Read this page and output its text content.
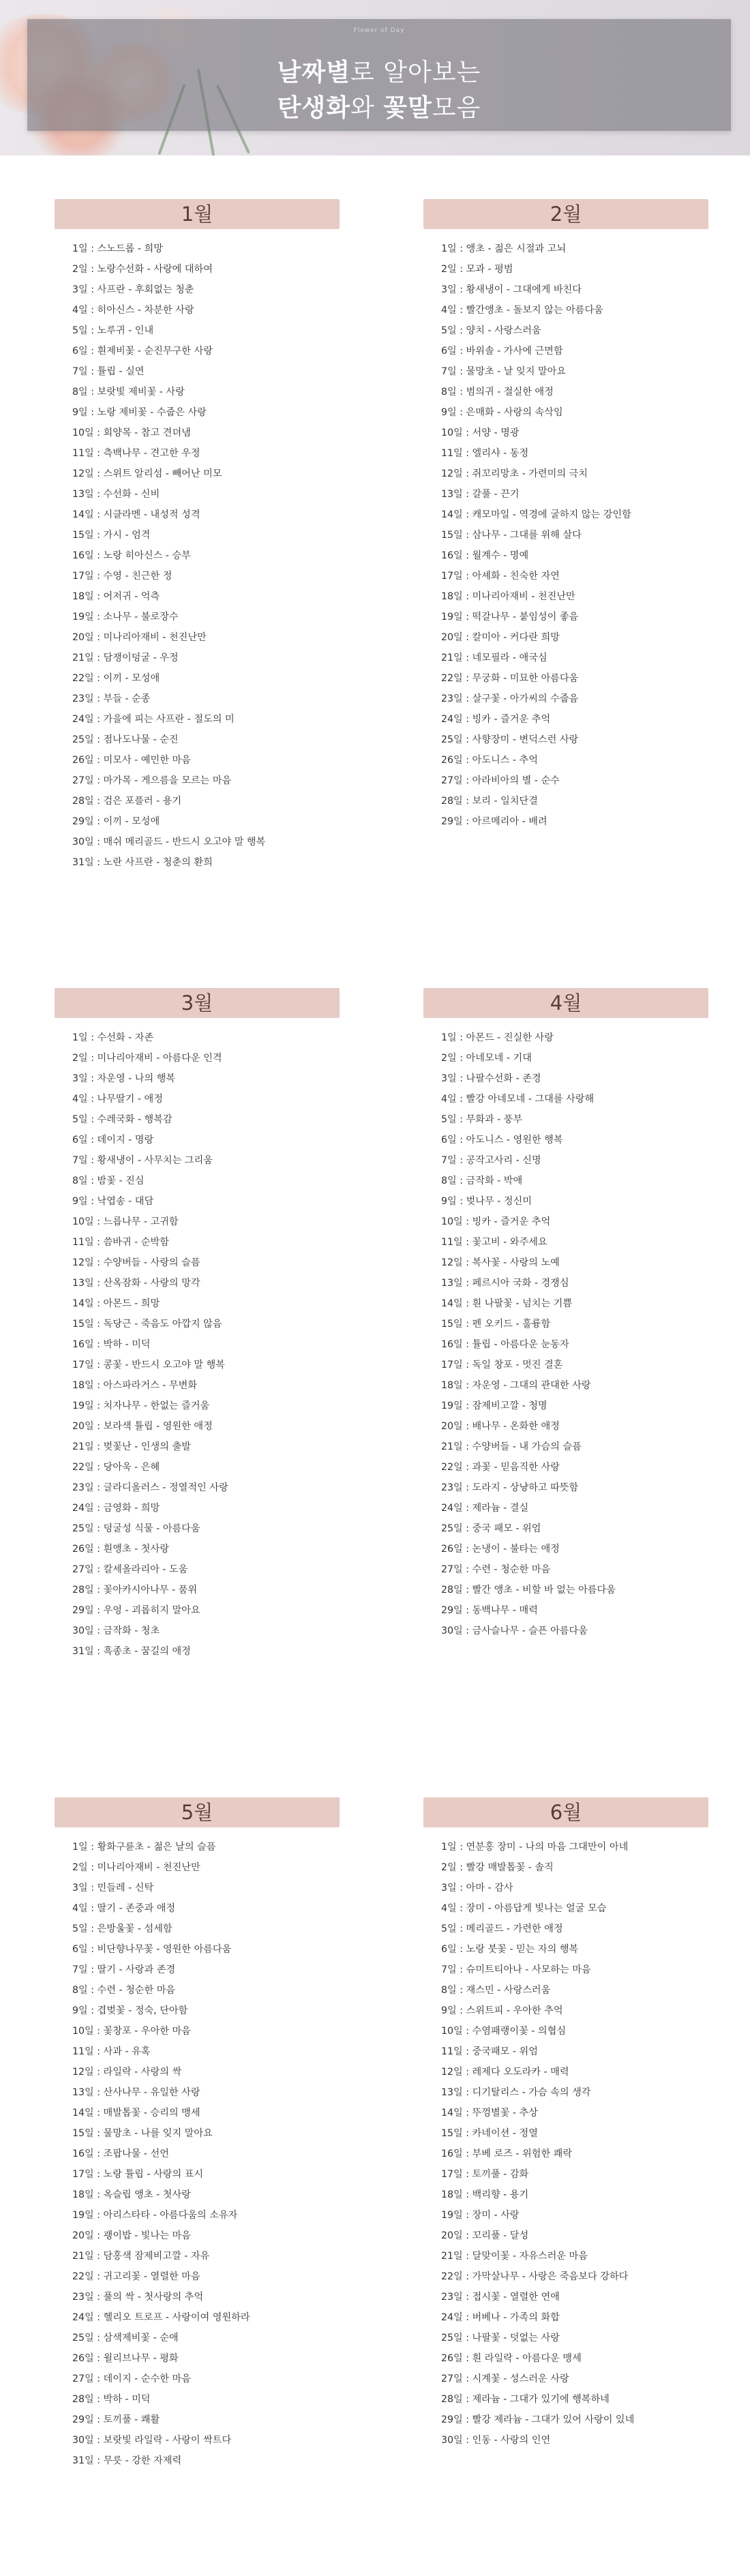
Flower of Day
날짜별로 알아보는
탄생화와 꽃말모음
1월
1일 : 스노드롭 - 희망
2일 : 노랑수선화 - 사랑에 대하여
3일 : 사프란 - 후회없는 청춘
4일 : 히아신스 - 차분한 사랑
5일 : 노루귀 - 인내
6일 : 흰제비꽃 - 순진무구한 사랑
7일 : 튤립 - 실연
8일 : 보랏빛 제비꽃 - 사랑
9일 : 노랑 제비꽃 - 수줍은 사랑
10일 : 회양목 - 참고 견뎌냄
11일 : 측백나무 - 견고한 우정
12일 : 스위트 알리섬 - 빼어난 미모
13일 : 수선화 - 신비
14일 : 시클라멘 - 내성적 성격
15일 : 가시 - 엄격
16일 : 노랑 히아신스 - 승부
17일 : 수영 - 친근한 정
18일 : 어저귀 - 억측
19일 : 소나무 - 불로장수
20일 : 미나리아재비 - 천진난만
21일 : 담쟁이덩굴 - 우정
22일 : 이끼 - 모성애
23일 : 부들 - 순종
24일 : 가을에 피는 사프란 - 절도의 미
25일 : 점나도나물 - 순진
26일 : 미모사 - 예민한 마음
27일 : 마가목 - 게으름을 모르는 마음
28일 : 검은 포플러 - 용기
29일 : 이끼 - 모성애
30일 : 매쉬 메리골드 - 반드시 오고야 말 행복
31일 : 노란 사프란 - 청춘의 환희
2월
1일 : 앵초 - 젊은 시절과 고뇌
2일 : 모과 - 평범
3일 : 황새냉이 - 그대에게 바친다
4일 : 빨간앵초 - 돌보지 않는 아름다움
5일 : 양치 - 사랑스러움
6일 : 바위솔 - 가사에 근면함
7일 : 물망초 - 날 잊지 말아요
8일 : 범의귀 - 절실한 애정
9일 : 은매화 - 사랑의 속삭임
10일 : 서양 - 명광
11일 : 엘리샤 - 동정
12일 : 쥐꼬리망초 - 가련미의 극치
13일 : 갈풀 - 끈기
14일 : 캐모마일 - 역경에 굴하지 않는 강인함
15일 : 삼나무 - 그대를 위해 살다
16일 : 월계수 - 명예
17일 : 아셰화 - 친숙한 자연
18일 : 미나리아재비 - 천진난만
19일 : 떡갈나무 - 붙임성이 좋음
20일 : 칼미아 - 커다란 희망
21일 : 네모필라 - 애국심
22일 : 무궁화 - 미묘한 아름다움
23일 : 살구꽃 - 아가씨의 수줍음
24일 : 빙카 - 즐거운 추억
25일 : 사향장미 - 변덕스런 사랑
26일 : 아도니스 - 추억
27일 : 아라비아의 별 - 순수
28일 : 보리 - 일치단결
29일 : 아르메리아 - 배려
3월
1일 : 수선화 - 자존
2일 : 미나리아재비 - 아름다운 인격
3일 : 자운영 - 나의 행복
4일 : 나무딸기 - 애정
5일 : 수레국화 - 행복감
6일 : 데이지 - 명랑
7일 : 황새냉이 - 사무치는 그리움
8일 : 밤꽃 - 진심
9일 : 낙엽송 - 대담
10일 : 느릅나무 - 고귀함
11일 : 씀바귀 - 순박함
12일 : 수양버들 - 사랑의 슬픔
13일 : 산옥잠화 - 사랑의 망각
14일 : 아몬드 - 희망
15일 : 독당근 - 죽음도 아깝지 않음
16일 : 박하 - 미덕
17일 : 콩꽃 - 반드시 오고야 말 행복
18일 : 아스파라거스 - 무변화
19일 : 치자나무 - 한없는 즐거움
20일 : 보라색 튤립 - 영원한 애정
21일 : 벚꽃난 - 인생의 출발
22일 : 당아욱 - 은혜
23일 : 글라디올러스 - 정열적인 사랑
24일 : 금영화 - 희망
25일 : 덩굴성 식물 - 아름다움
26일 : 흰앵초 - 첫사랑
27일 : 칼세올라리아 - 도움
28일 : 꽃아카시아나무 - 품위
29일 : 우엉 - 괴롭히지 말아요
30일 : 금작화 - 청초
31일 : 흑종초 - 꿈길의 애정
4월
1일 : 아몬드 - 진실한 사랑
2일 : 아네모네 - 기대
3일 : 나팔수선화 - 존경
4일 : 빨강 아네모네 - 그대를 사랑해
5일 : 무화과 - 풍부
6일 : 아도니스 - 영원한 행복
7일 : 공작고사리 - 신명
8일 : 금작화 - 박애
9일 : 벚나무 - 정신미
10일 : 빙카 - 즐거운 추억
11일 : 꽃고비 - 와주세요
12일 : 복사꽃 - 사랑의 노예
13일 : 페르시아 국화 - 경쟁심
14일 : 흰 나팔꽃 - 넘치는 기쁨
15일 : 펜 오키드 - 훌륭함
16일 : 튤립 - 아름다운 눈동자
17일 : 독일 창포 - 멋진 결혼
18일 : 자운영 - 그대의 관대한 사랑
19일 : 잠제비고깔 - 청명
20일 : 배나무 - 온화한 애정
21일 : 수양버들 - 내 가슴의 슬픔
22일 : 과꽃 - 믿음직한 사랑
23일 : 도라지 - 상냥하고 따뜻함
24일 : 제라늄 - 결실
25일 : 중국 패모 - 위엄
26일 : 논냉이 - 불타는 애정
27일 : 수련 - 청순한 마음
28일 : 빨간 앵초 - 비할 바 없는 아름다움
29일 : 동백나무 - 매력
30일 : 금사슬나무 - 슬픈 아름다움
5월
1일 : 황화구륜초 - 젊은 날의 슬픔
2일 : 미나리아재비 - 천진난만
3일 : 민들레 - 신탁
4일 : 딸기 - 존중과 애정
5일 : 은방울꽃 - 섬세함
6일 : 비단향나무꽃 - 영원한 아름다움
7일 : 딸기 - 사랑과 존경
8일 : 수련 - 청순한 마음
9일 : 겹벚꽃 - 정숙, 단아함
10일 : 꽃창포 - 우아한 마음
11일 : 사과 - 유혹
12일 : 라일락 - 사랑의 싹
13일 : 산사나무 - 유일한 사랑
14일 : 매발톱꽃 - 승리의 맹세
15일 : 물망초 - 나를 잊지 말아요
16일 : 조팝나물 - 선언
17일 : 노랑 튤립 - 사랑의 표시
18일 : 옥슬립 앵초 - 첫사랑
19일 : 아리스타타 - 아름다움의 소유자
20일 : 괭이밥 - 빛나는 마음
21일 : 담홍색 잠제비고깔 - 자유
22일 : 귀고리꽃 - 열렬한 마음
23일 : 풀의 싹 - 첫사랑의 추억
24일 : 헬리오 트로프 - 사랑이여 영원하라
25일 : 삼색제비꽃 - 순애
26일 : 윌리브나무 - 평화
27일 : 데이지 - 순수한 마음
28일 : 박하 - 미덕
29일 : 토끼풀 - 쾌활
30일 : 보랏빛 라일락 - 사랑이 싹트다
31일 : 무릇 - 강한 자제력
6월
1일 : 연분홍 장미 - 나의 마음 그대만이 아네
2일 : 빨강 매발톱꽃 - 솔직
3일 : 아마 - 감사
4일 : 장미 - 아름답게 빛나는 얼굴 모습
5일 : 메리골드 - 가련한 애정
6일 : 노랑 붓꽃 - 믿는 자의 행복
7일 : 슈미트티아나 - 사모하는 마음
8일 : 재스민 - 사랑스러움
9일 : 스위트피 - 우아한 추억
10일 : 수염패랭이꽃 - 의협심
11일 : 중국패모 - 위엄
12일 : 레제다 오도라카 - 매력
13일 : 디기탈리스 - 가슴 속의 생각
14일 : 뚜껑별꽃 - 추상
15일 : 카네이션 - 정열
16일 : 부베 로즈 - 위험한 쾌락
17일 : 토끼풀 - 감화
18일 : 백리향 - 용기
19일 : 장미 - 사랑
20일 : 꼬리풀 - 달성
21일 : 달맞이꽃 - 자유스러운 마음
22일 : 가막살나무 - 사랑은 죽음보다 강하다
23일 : 접시꽃 - 열렬한 연애
24일 : 버베나 - 가족의 화합
25일 : 나팔꽃 - 덧없는 사랑
26일 : 흰 라일락 - 아름다운 맹세
27일 : 시계꽃 - 성스러운 사랑
28일 : 제라늄 - 그대가 있기에 행복하네
29일 : 빨강 제라늄 - 그대가 있어 사랑이 있네
30일 : 인동 - 사랑의 인연
